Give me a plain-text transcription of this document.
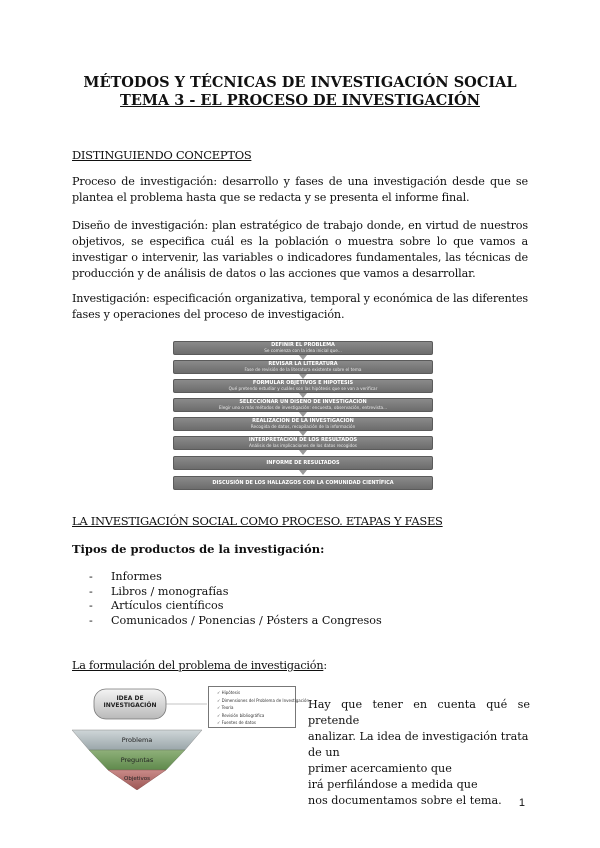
MÉTODOS Y TÉCNICAS DE INVESTIGACIÓN SOCIAL
TEMA 3 - EL PROCESO DE INVESTIGACIÓN
DISTINGUIENDO CONCEPTOS
Proceso de investigación: desarrollo y fases de una investigación desde que se plantea el problema hasta que se redacta y se presenta el informe final.
Diseño de investigación: plan estratégico de trabajo donde, en virtud de nuestros objetivos, se especifica cuál es la población o muestra sobre lo que vamos a investigar o intervenir, las variables o indicadores fundamentales, las técnicas de producción y de análisis de datos o las acciones que vamos a desarrollar.
Investigación: especificación organizativa, temporal y económica de las diferentes fases y operaciones del proceso de investigación.
DEFINIR EL PROBLEMA
Se comienza con la idea inicial que...
REVISAR LA LITERATURA
Fase de revisión de la literatura existente sobre el tema
FORMULAR OBJETIVOS E HIPÓTESIS
Qué pretendo estudiar y cuáles son las hipótesis que se van a verificar
SELECCIONAR UN DISEÑO DE INVESTIGACIÓN
Elegir uno o más métodos de investigación: encuesta, observación, entrevista...
REALIZACIÓN DE LA INVESTIGACIÓN
Recogida de datos, recopilación de la información
INTERPRETACIÓN DE LOS RESULTADOS
Análisis de las implicaciones de los datos recogidos
INFORME DE RESULTADOS
DISCUSIÓN DE LOS HALLAZGOS CON LA COMUNIDAD CIENTÍFICA
LA INVESTIGACIÓN SOCIAL COMO PROCESO. ETAPAS Y FASES
Tipos de productos de la investigación:
- Informes
- Libros / monografías
- Artículos científicos
- Comunicados / Ponencias / Pósters a Congresos
La formulación del problema de investigación:
IDEA DE INVESTIGACIÓN
Problema
Preguntas
Objetivos
✓ Hipótesis
✓ Dimensiones del Problema de Investigación
✓ Teoría
✓ Revisión bibliográfica
✓ Fuentes de datos
Hay que tener en cuenta qué se pretende
analizar. La idea de investigación trata de un
primer acercamiento que
irá perfilándose a medida que
nos documentamos sobre el tema.	1
